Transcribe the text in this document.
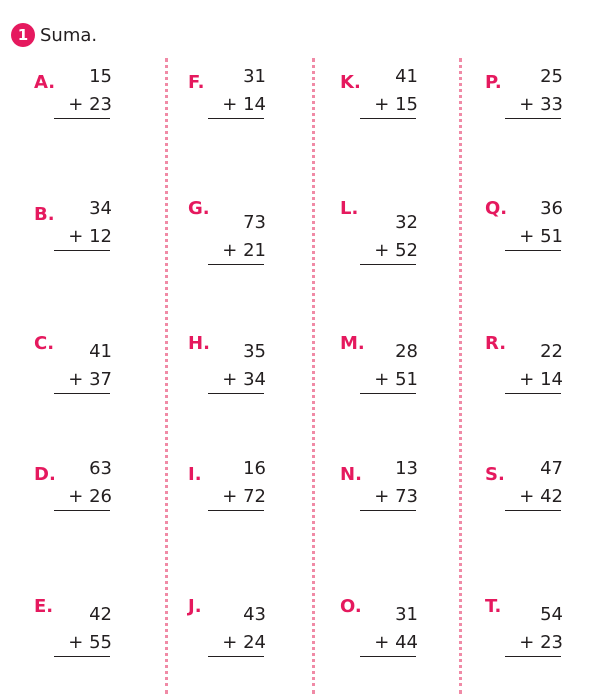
1 Suma.
A. 15
+ 23
B. 34
+ 12
C. 41
+ 37
D. 63
+ 26
E. 42
+ 55
F. 31
+ 14
G.
73
+ 21
H. 35
+ 34
I. 16
+ 72
J. 43
+ 24
K. 41
+ 15
L.
32
+ 52
M. 28
+ 51
N. 13
+ 73
O. 31
+ 44
P. 25
+ 33
Q. 36
+ 51
R. 22
+ 14
S. 47
+ 42
T. 54
+ 23
